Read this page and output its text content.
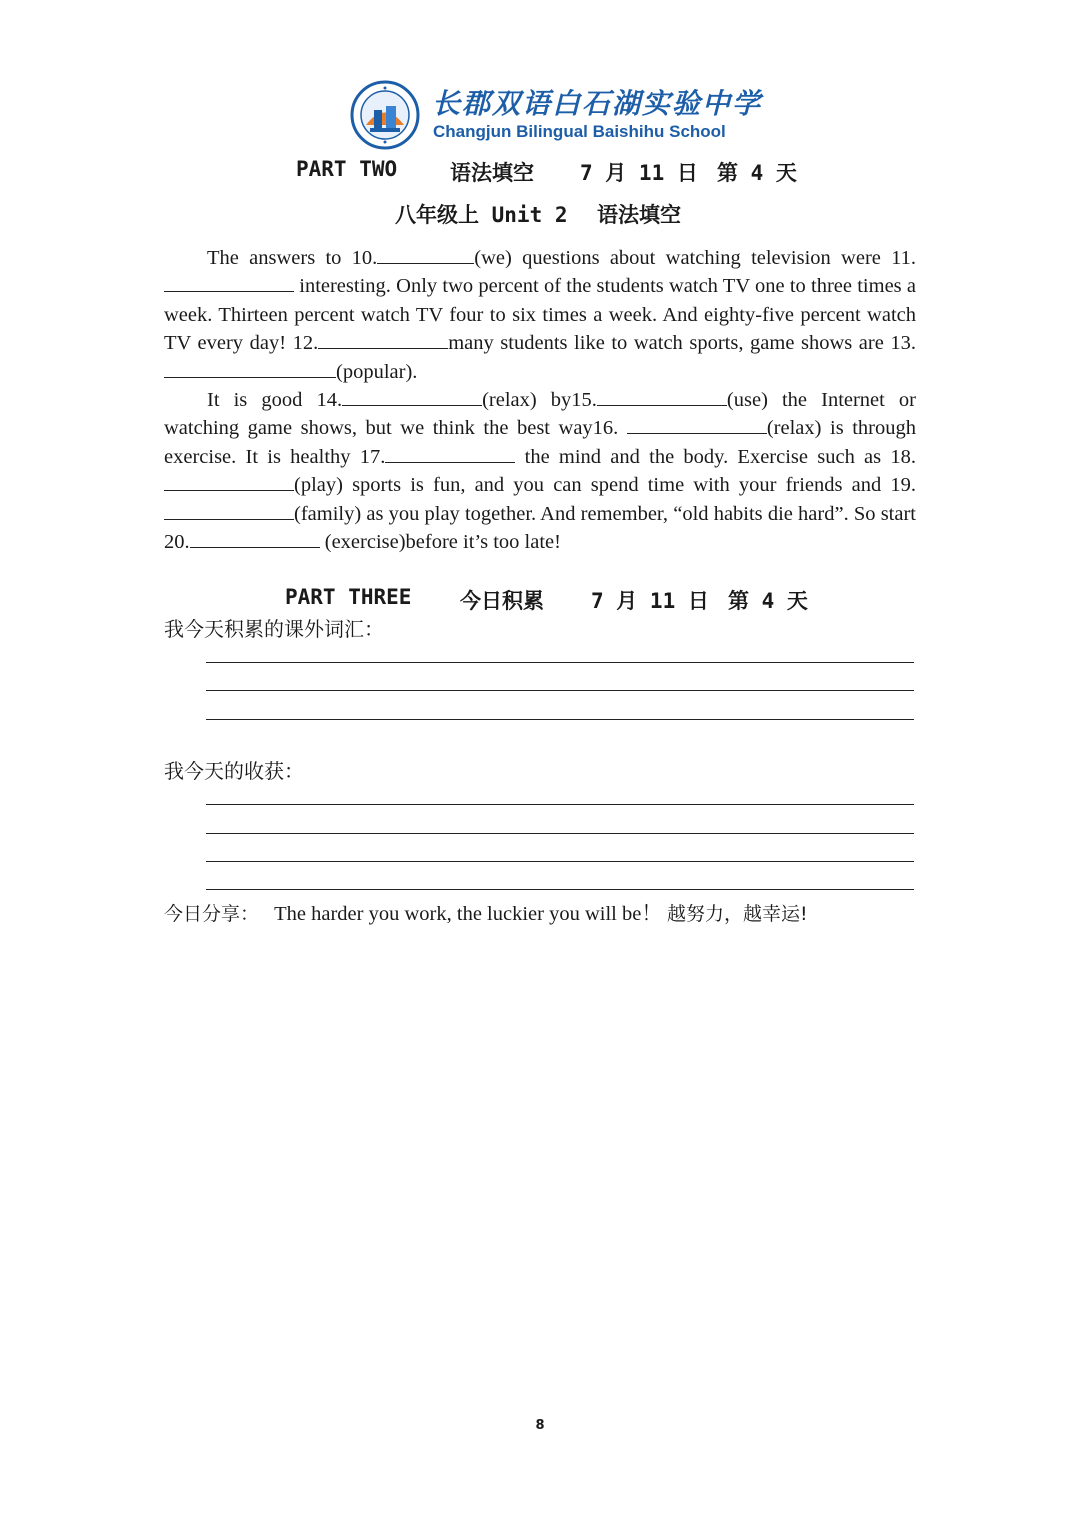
长郡双语白石湖实验中学
Changjun Bilingual Baishihu School
PART TWO	语法填空 7 月 11 日 第 4 天
八年级上 Unit 2 语法填空

The answers to 10.	(we) questions about watching television were 11. interesting. Only two percent of the students watch TV one to three times a week. Thirteen percent watch TV four to six times a week. And eighty-five percent watch TV every day! 12.	many students like to watch sports, game shows are 13.(popular).

It is good 14.	(relax) by15.	(use) the Internet or watching game shows, but we think the best way16.	(relax) is through exercise. It is healthy 17.	the mind and the body. Exercise such as 18.(play) sports is fun, and you can spend time with your friends and 19.(family) as you play together. And remember, “old habits die hard”. So start 20.	(exercise)before it’s too late!

PART THREE 今日积累 7 月 11 日 第 4 天
我今天积累的课外词汇：
我今天的收获：
今日分享： The harder you work, the luckier you will be！ 越努力，越幸运!
8
